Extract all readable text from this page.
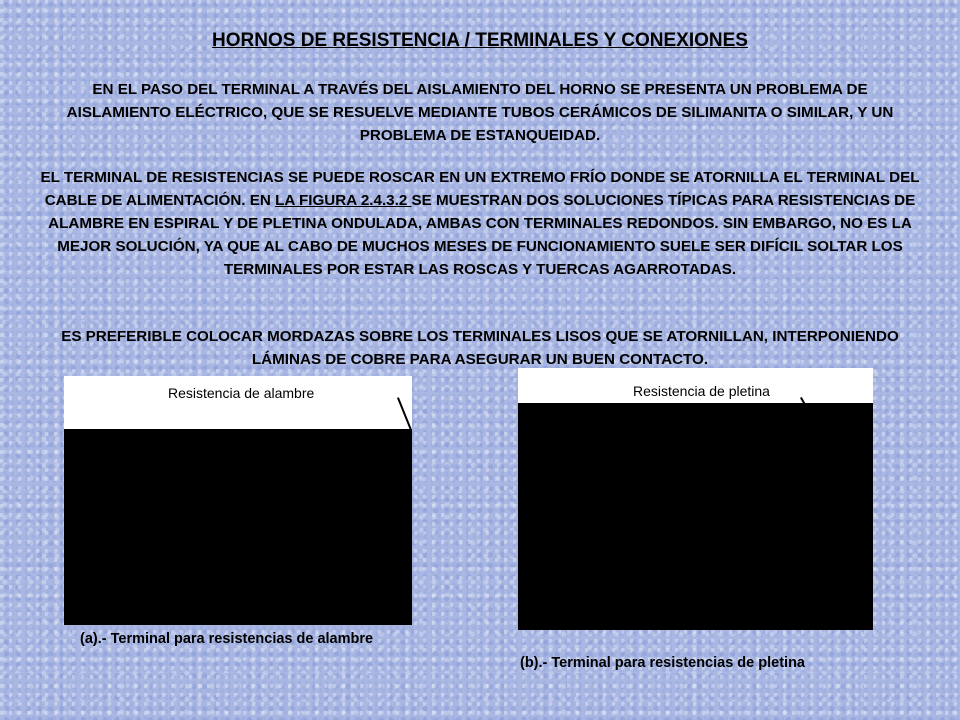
HORNOS DE RESISTENCIA / TERMINALES Y CONEXIONES
EN EL PASO DEL TERMINAL A TRAVÉS DEL AISLAMIENTO DEL HORNO SE PRESENTA UN PROBLEMA DE AISLAMIENTO ELÉCTRICO, QUE SE RESUELVE MEDIANTE TUBOS CERÁMICOS DE SILIMANITA O SIMILAR, Y UN PROBLEMA DE ESTANQUEIDAD.
EL TERMINAL DE RESISTENCIAS SE PUEDE ROSCAR EN UN EXTREMO FRÍO DONDE SE ATORNILLA EL TERMINAL DEL CABLE DE ALIMENTACIÓN. EN LA FIGURA 2.4.3.2 SE MUESTRAN DOS SOLUCIONES TÍPICAS PARA RESISTENCIAS DE ALAMBRE EN ESPIRAL Y DE PLETINA ONDULADA, AMBAS CON TERMINALES REDONDOS. SIN EMBARGO, NO ES LA MEJOR SOLUCIÓN, YA QUE AL CABO DE MUCHOS MESES DE FUNCIONAMIENTO SUELE SER DIFÍCIL SOLTAR LOS TERMINALES POR ESTAR LAS ROSCAS Y TUERCAS AGARROTADAS.
ES PREFERIBLE COLOCAR MORDAZAS SOBRE LOS TERMINALES LISOS QUE SE ATORNILLAN, INTERPONIENDO LÁMINAS DE COBRE PARA ASEGURAR UN BUEN CONTACTO.
Resistencia de alambre	Resistencia de pletina
(a).- Terminal para resistencias de alambre
(b).- Terminal para resistencias de pletina
